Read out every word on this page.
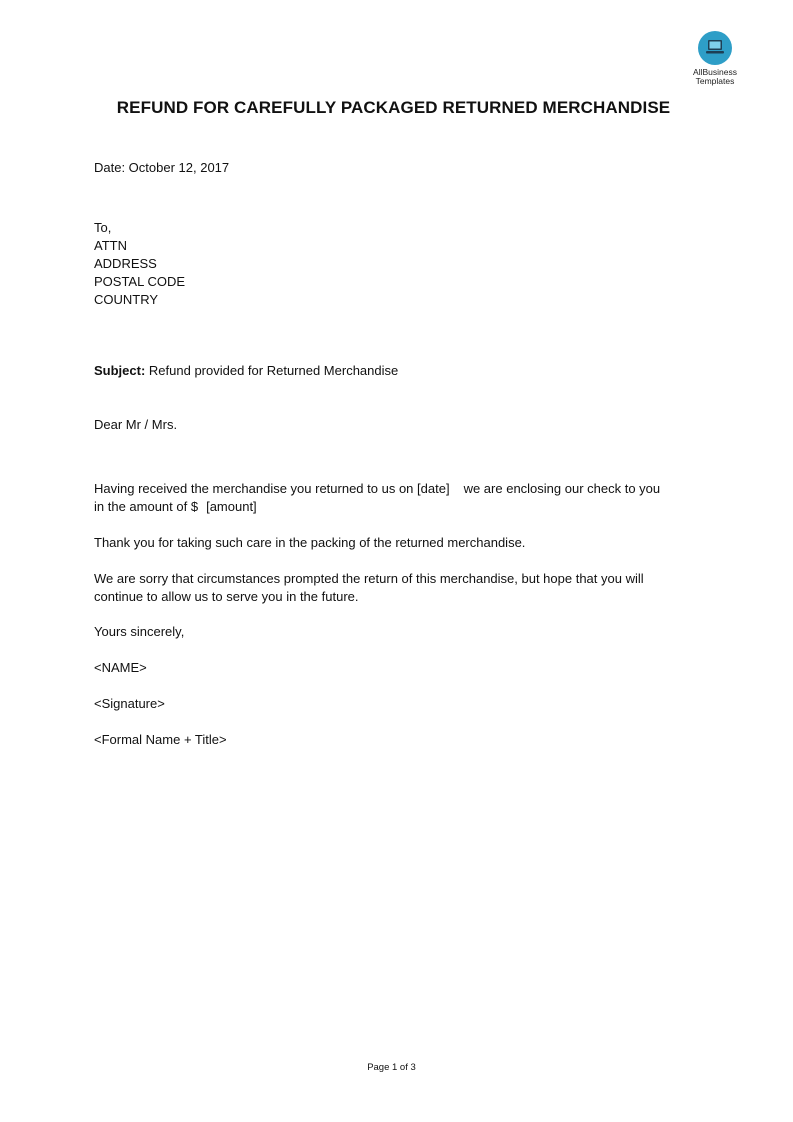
AllBusiness
Templates
REFUND FOR CAREFULLY PACKAGED RETURNED MERCHANDISE

Date: October 12, 2017

To,

ATTN

ADDRESS

POSTAL CODE

COUNTRY

Subject: Refund provided for Returned Merchandise

Dear Mr / Mrs.

Having received the merchandise you returned to us on [date] we are enclosing our check to you

in the amount of $ [amount]

Thank you for taking such care in the packing of the returned merchandise.

We are sorry that circumstances prompted the return of this merchandise, but hope that you will

continue to allow us to serve you in the future.

Yours sincerely,

<NAME>

<Signature>

<Formal Name + Title>

Page 1 of 3
